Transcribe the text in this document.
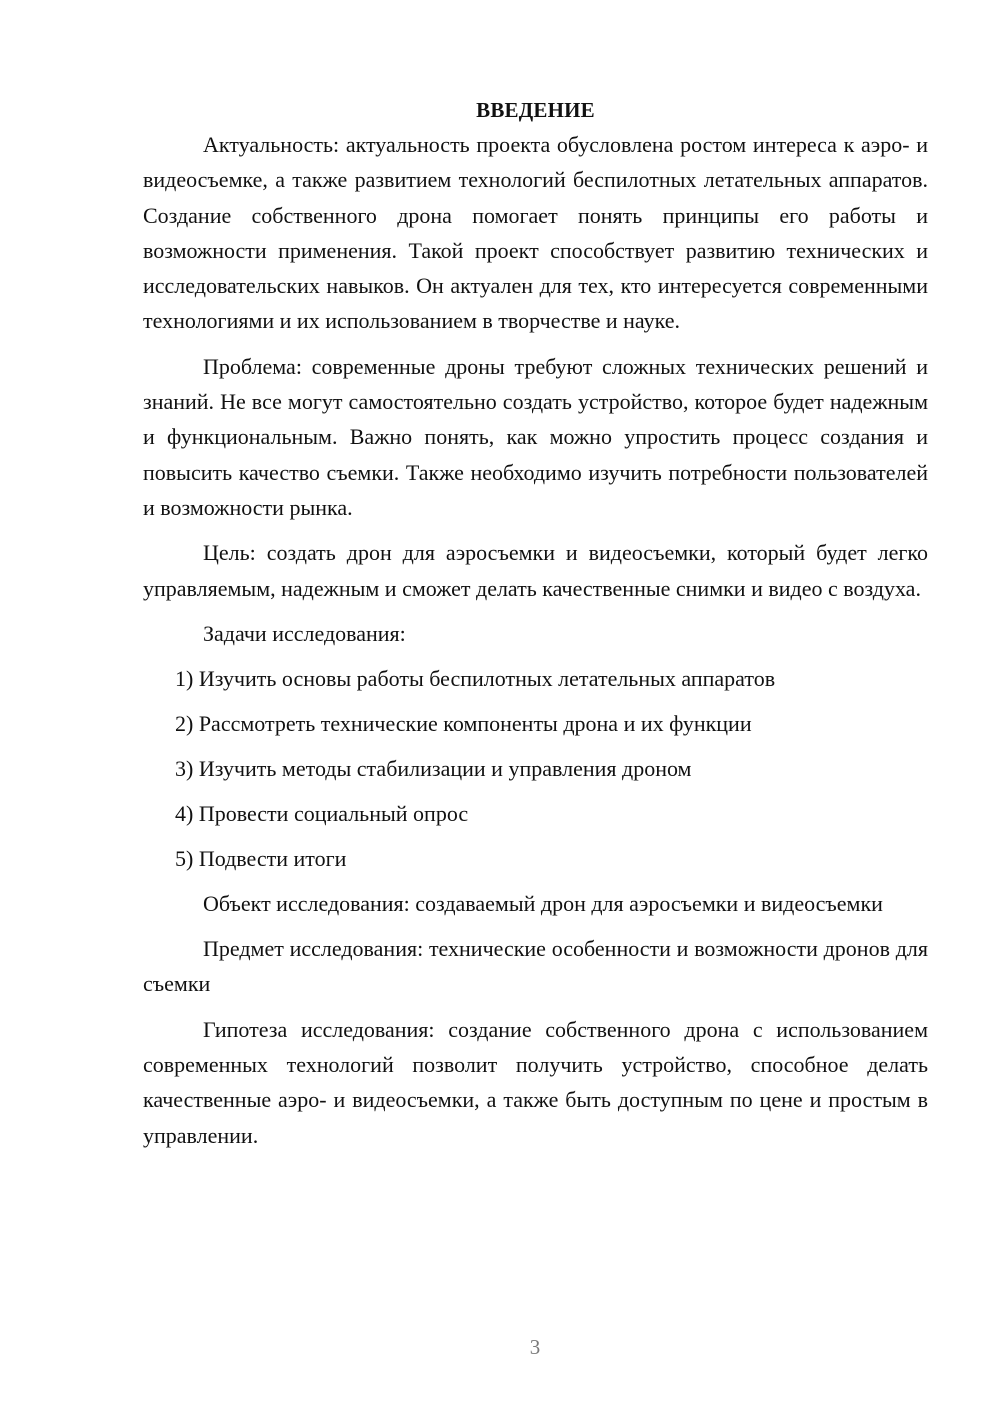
ВВЕДЕНИЕ

Актуальность: актуальность проекта обусловлена ростом интереса к аэро- и видеосъемке, а также развитием технологий беспилотных летательных аппаратов. Создание собственного дрона помогает понять принципы его работы и возможности применения. Такой проект способствует развитию технических и исследовательских навыков. Он актуален для тех, кто интересуется современными технологиями и их использованием в творчестве и науке.

Проблема: современные дроны требуют сложных технических решений и знаний. Не все могут самостоятельно создать устройство, которое будет надежным и функциональным. Важно понять, как можно упростить процесс создания и повысить качество съемки. Также необходимо изучить потребности пользователей и возможности рынка.

Цель: создать дрон для аэросъемки и видеосъемки, который будет легко управляемым, надежным и сможет делать качественные снимки и видео с воздуха.

Задачи исследования:

1) Изучить основы работы беспилотных летательных аппаратов
2) Рассмотреть технические компоненты дрона и их функции
3) Изучить методы стабилизации и управления дроном
4) Провести социальный опрос
5) Подвести итоги

Объект исследования: создаваемый дрон для аэросъемки и видеосъемки

Предмет исследования: технические особенности и возможности дронов для съемки

Гипотеза исследования: создание собственного дрона с использованием современных технологий позволит получить устройство, способное делать качественные аэро- и видеосъемки, а также быть доступным по цене и простым в управлении.

3
